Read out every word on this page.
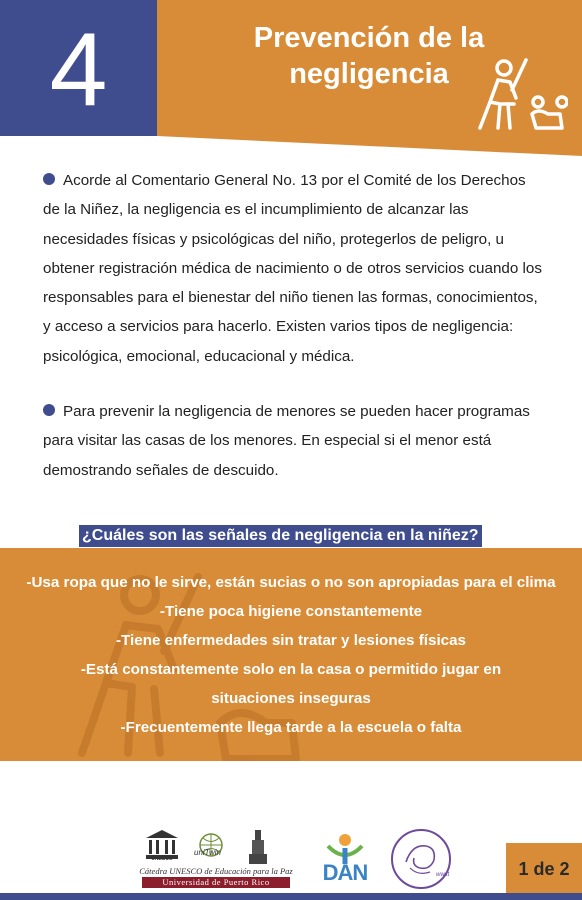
4	Prevención de la
negligencia
Acorde al Comentario General No. 13 por el Comité de los Derechos de la Niñez, la negligencia es el incumplimiento de alcanzar las necesidades físicas y psicológicas del niño, protegerlos de peligro, u obtener registración médica de nacimiento o de otros servicios cuando los responsables para el bienestar del niño tienen las formas, conocimientos, y acceso a servicios para hacerlo. Existen varios tipos de negligencia: psicológica, emocional, educacional y médica.
Para prevenir la negligencia de menores se pueden hacer programas para visitar las casas de los menores. En especial si el menor está demostrando señales de descuido.
¿Cuáles son las señales de negligencia en la niñez?
-Usa ropa que no le sirve, están sucias o no son apropiadas para el clima
-Tiene poca higiene constantemente
-Tiene enfermedades sin tratar y lesiones físicas
-Está constantemente solo en la casa o permitido jugar en
situaciones inseguras
-Frecuentemente llega tarde a la escuela o falta
UNESCO
uniTwin
Cátedra UNESCO de Educación para la Paz
Universidad de Puerto Rico	DAN	wwst	1 de 2
